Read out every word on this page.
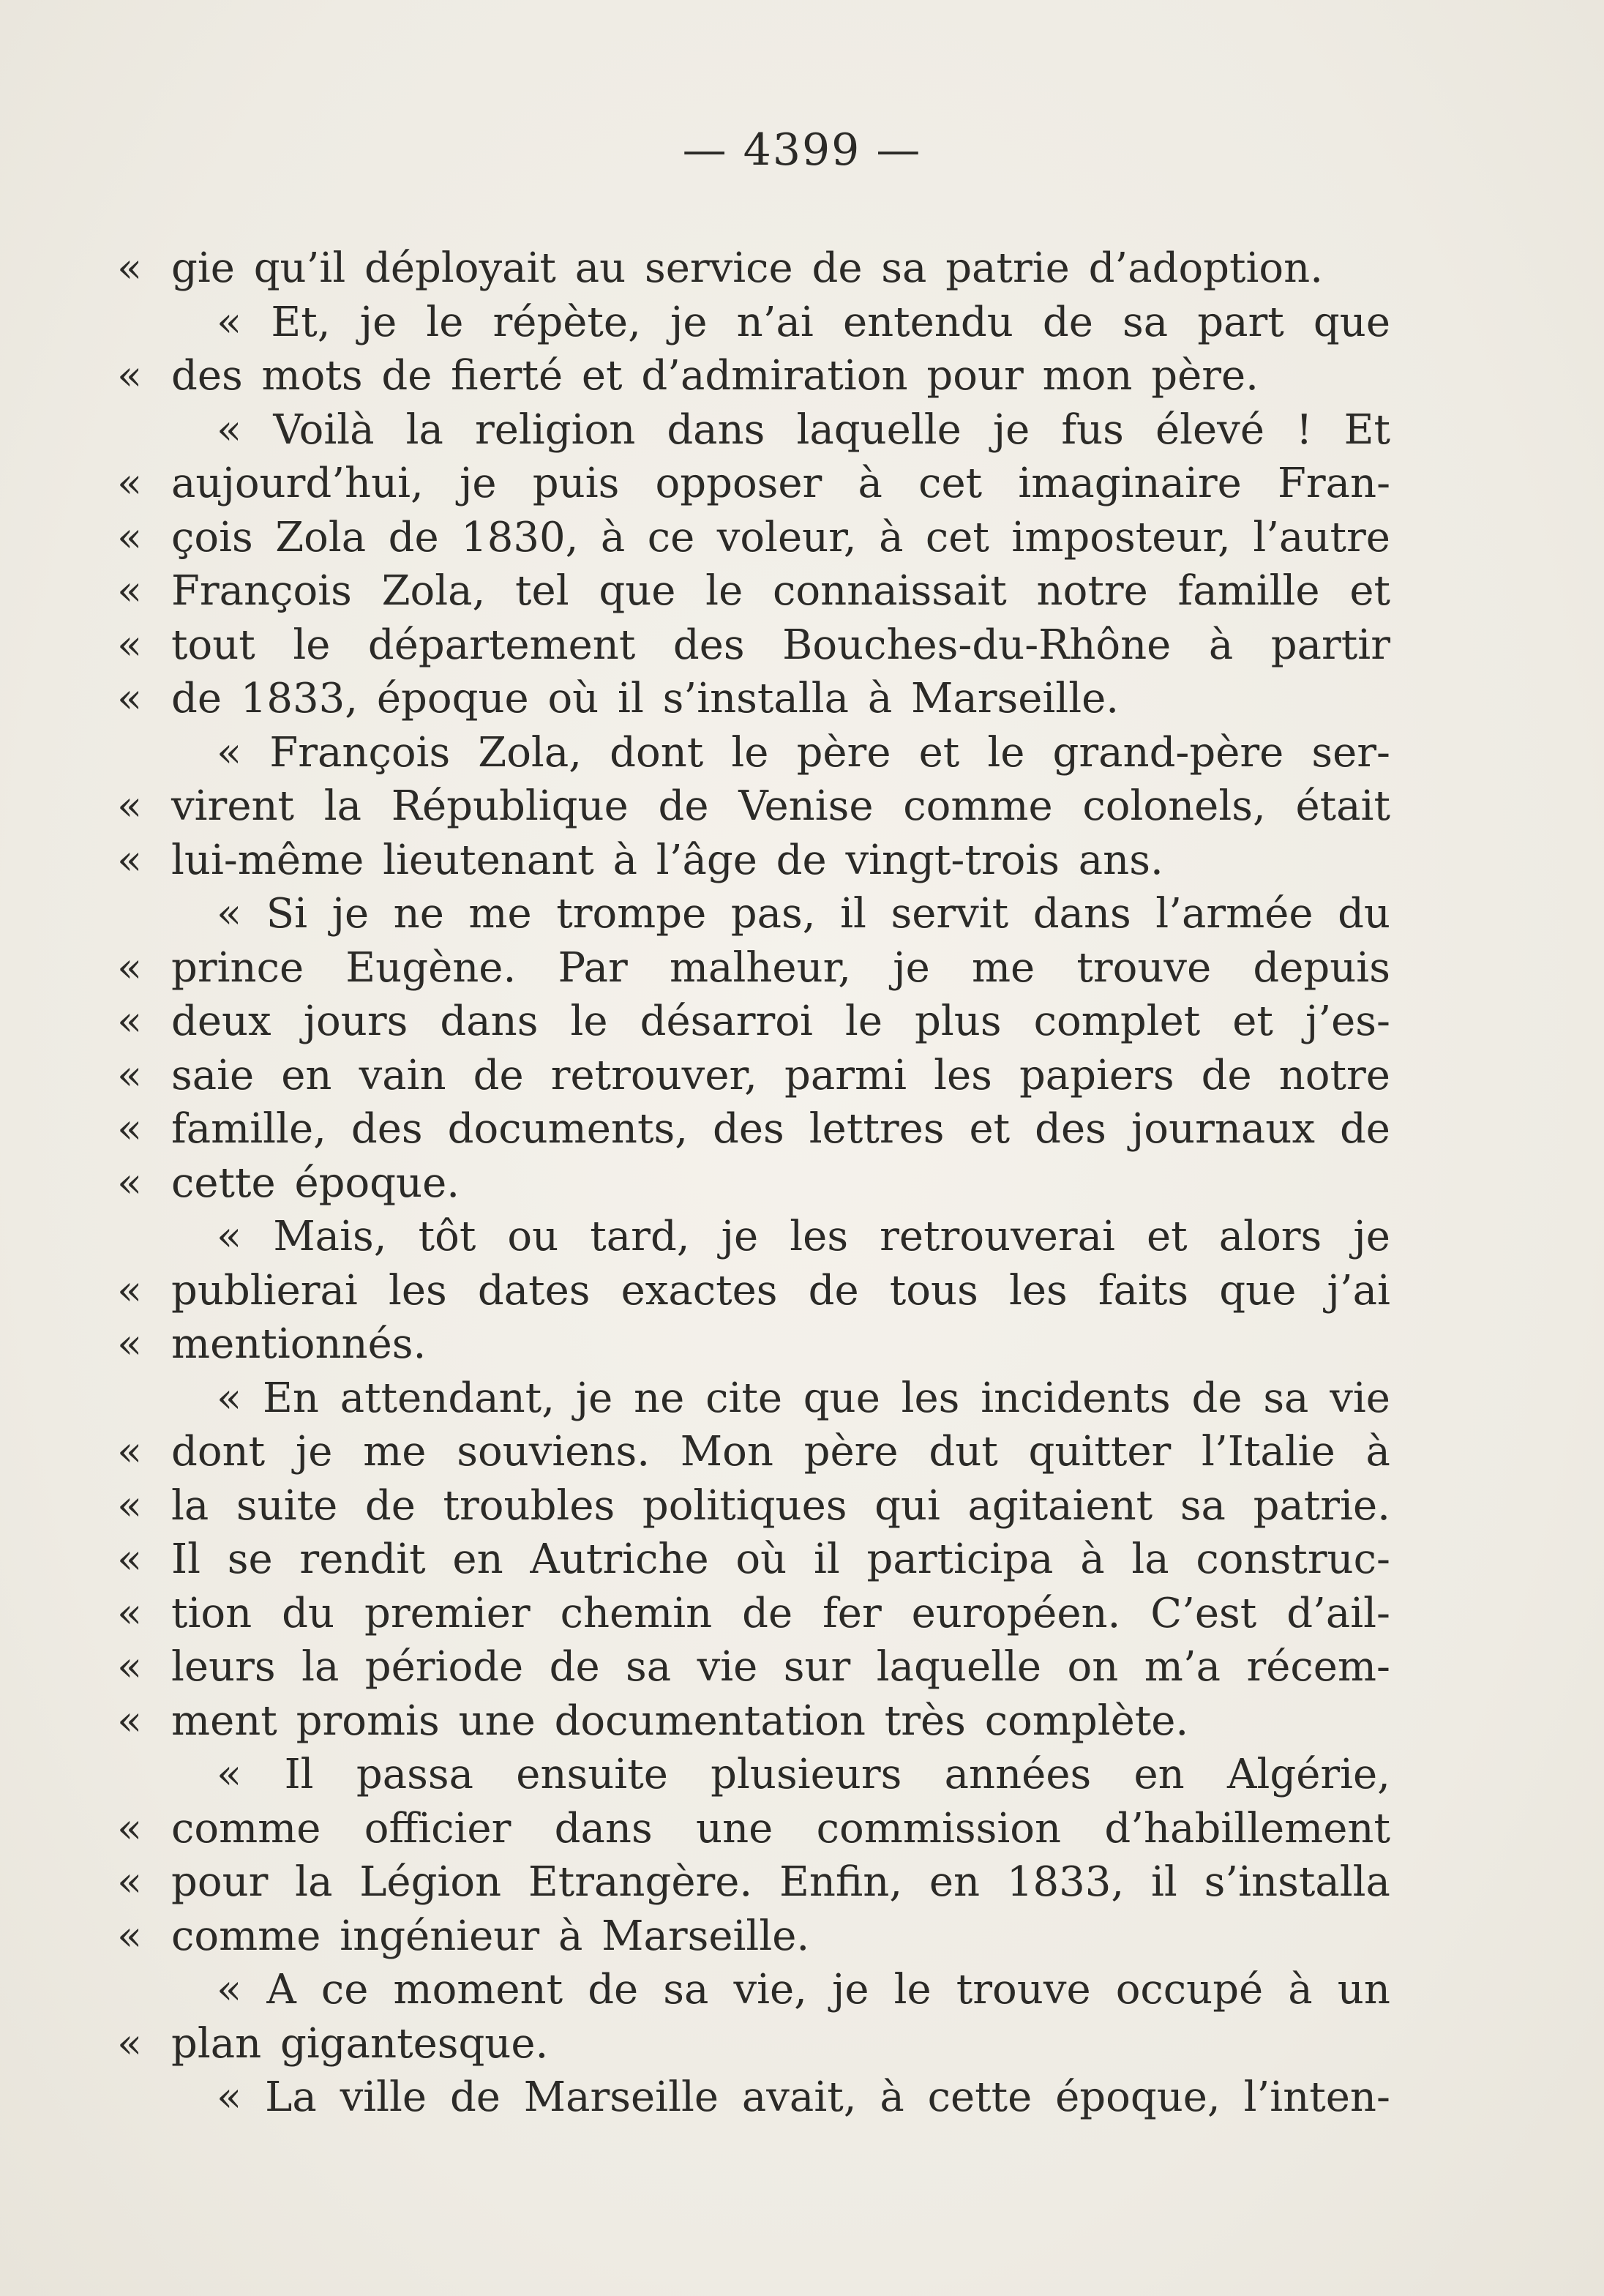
— 4399 —
« gie qu’il déployait au service de sa patrie d’adoption.
« Et, je le répète, je n’ai entendu de sa part que
« des mots de fierté et d’admiration pour mon père.
« Voilà la religion dans laquelle je fus élevé ! Et
« aujourd’hui, je puis opposer à cet imaginaire Fran-
« çois Zola de 1830, à ce voleur, à cet imposteur, l’autre
« François Zola, tel que le connaissait notre famille et
« tout le département des Bouches-du-Rhône à partir
« de 1833, époque où il s’installa à Marseille.
« François Zola, dont le père et le grand-père ser-
« virent la République de Venise comme colonels, était
« lui-même lieutenant à l’âge de vingt-trois ans.
« Si je ne me trompe pas, il servit dans l’armée du
« prince Eugène. Par malheur, je me trouve depuis
« deux jours dans le désarroi le plus complet et j’es-
« saie en vain de retrouver, parmi les papiers de notre
« famille, des documents, des lettres et des journaux de
« cette époque.
« Mais, tôt ou tard, je les retrouverai et alors je
« publierai les dates exactes de tous les faits que j’ai
« mentionnés.
« En attendant, je ne cite que les incidents de sa vie
« dont je me souviens. Mon père dut quitter l’Italie à
« la suite de troubles politiques qui agitaient sa patrie.
« Il se rendit en Autriche où il participa à la construc-
« tion du premier chemin de fer européen. C’est d’ail-
« leurs la période de sa vie sur laquelle on m’a récem-
« ment promis une documentation très complète.
« Il passa ensuite plusieurs années en Algérie,
« comme officier dans une commission d’habillement
« pour la Légion Etrangère. Enfin, en 1833, il s’installa
« comme ingénieur à Marseille.
« A ce moment de sa vie, je le trouve occupé à un
« plan gigantesque.
« La ville de Marseille avait, à cette époque, l’inten-
